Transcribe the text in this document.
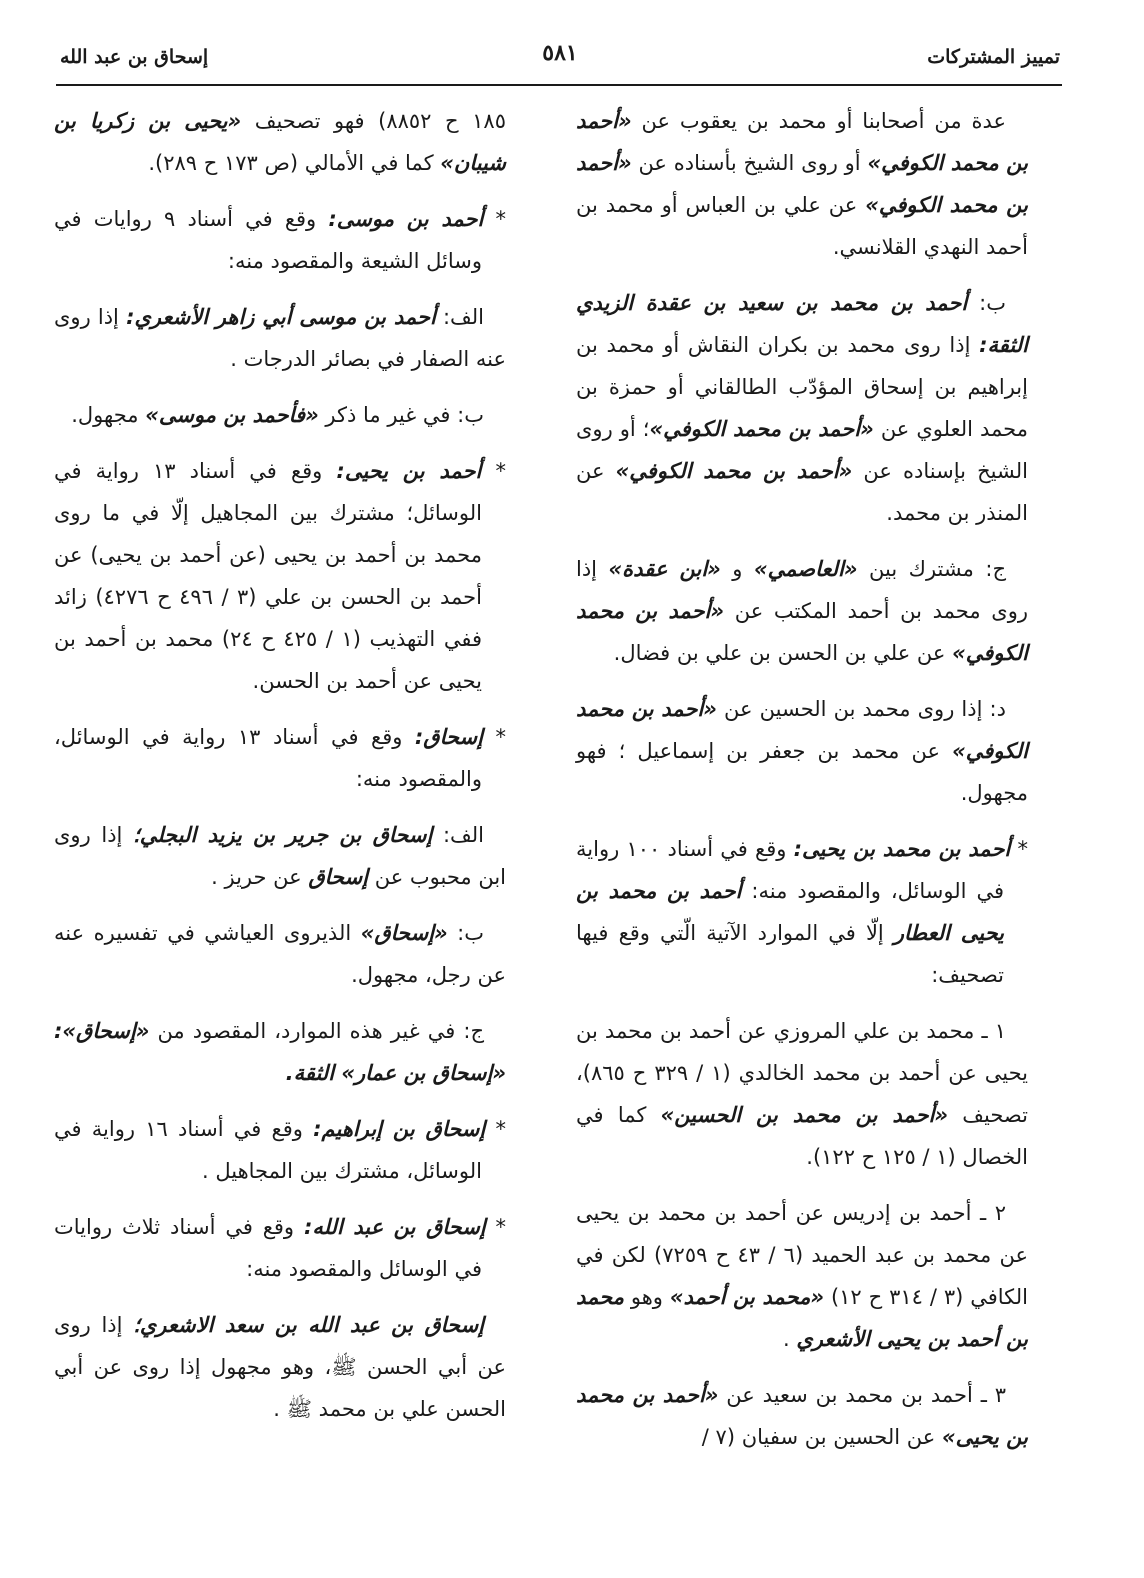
تمييز المشتركات
٥٨١
إسحاق بن عبد الله

عدة من أصحابنا أو محمد بن يعقوب عن «أحمد بن محمد الكوفي» أو روى الشيخ بأسناده عن «أحمد بن محمد الكوفي» عن علي بن العباس أو محمد بن أحمد النهدي القلانسي.

ب: أحمد بن محمد بن سعيد بن عقدة الزيدي الثقة: إذا روى محمد بن بكران النقاش أو محمد بن إبراهيم بن إسحاق المؤدّب الطالقاني أو حمزة بن محمد العلوي عن «أحمد بن محمد الكوفي»؛ أو روى الشيخ بإسناده عن «أحمد بن محمد الكوفي» عن المنذر بن محمد.

ج: مشترك بين «العاصمي» و «ابن عقدة» إذا روى محمد بن أحمد المكتب عن «أحمد بن محمد الكوفي» عن علي بن الحسن بن علي بن فضال.

د: إذا روى محمد بن الحسين عن «أحمد بن محمد الكوفي» عن محمد بن جعفر بن إسماعيل ؛ فهو مجهول.

* أحمد بن محمد بن يحيى: وقع في أسناد ١٠٠ رواية في الوسائل، والمقصود منه: أحمد بن محمد بن يحيى العطار إلّا في الموارد الآتية الّتي وقع فيها تصحيف:

١ ـ محمد بن علي المروزي عن أحمد بن محمد بن يحيى عن أحمد بن محمد الخالدي (١ / ٣٢٩ ح ٨٦٥)، تصحيف «أحمد بن محمد بن الحسين» كما في الخصال (١ / ١٢٥ ح ١٢٢).

٢ ـ أحمد بن إدريس عن أحمد بن محمد بن يحيى عن محمد بن عبد الحميد (٦ / ٤٣ ح ٧٢٥٩) لكن في الكافي (٣ / ٣١٤ ح ١٢) «محمد بن أحمد» وهو محمد بن أحمد بن يحيى الأشعري .

٣ ـ أحمد بن محمد بن سعيد عن «أحمد بن محمد بن يحيى» عن الحسين بن سفيان (٧ /

١٨٥ ح ٨٨٥٢) فهو تصحيف «يحيى بن زكريا بن شيبان» كما في الأمالي (ص ١٧٣ ح ٢٨٩).

* أحمد بن موسى: وقع في أسناد ٩ روايات في وسائل الشيعة والمقصود منه:

الف: أحمد بن موسى أبي زاهر الأشعري: إذا روى عنه الصفار في بصائر الدرجات .

ب: في غير ما ذكر «فأحمد بن موسى» مجهول.

* أحمد بن يحيى: وقع في أسناد ١٣ رواية في الوسائل؛ مشترك بين المجاهيل إلّا في ما روى محمد بن أحمد بن يحيى (عن أحمد بن يحيى) عن أحمد بن الحسن بن علي (٣ / ٤٩٦ ح ٤٢٧٦) زائد ففي التهذيب (١ / ٤٢٥ ح ٢٤) محمد بن أحمد بن يحيى عن أحمد بن الحسن.

* إسحاق: وقع في أسناد ١٣ رواية في الوسائل، والمقصود منه:

الف: إسحاق بن جرير بن يزيد البجلي؛ إذا روى ابن محبوب عن إسحاق عن حريز .

ب: «إسحاق» الذيروى العياشي في تفسيره عنه عن رجل، مجهول.

ج: في غير هذه الموارد، المقصود من «إسحاق»: «إسحاق بن عمار» الثقة.

* إسحاق بن إبراهيم: وقع في أسناد ١٦ رواية في الوسائل، مشترك بين المجاهيل .

* إسحاق بن عبد الله: وقع في أسناد ثلاث روايات في الوسائل والمقصود منه:

إسحاق بن عبد الله بن سعد الاشعري؛ إذا روى عن أبي الحسن ﷺ، وهو مجهول إذا روى عن أبي الحسن علي بن محمد ﷺ .
